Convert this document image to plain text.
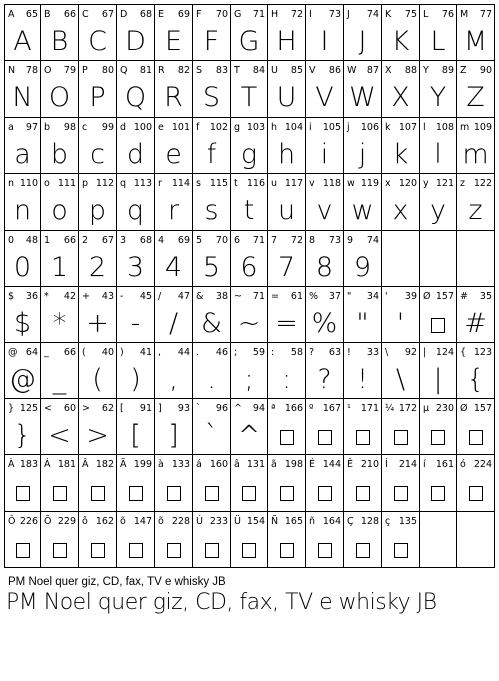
A 65
A
B 66
B
C 67
C
D 68
D
E 69
E
F 70
F
G 71
G
H 72
H
I 73
I
J 74
J
K 75
K
L 76
L
M 77
M
N 78
N
O 79
O
P 80
P
Q 81
Q
R 82
R
S 83
S
T 84
T
U 85
U
V 86
V
W 87
W
X 88
X
Y 89
Y
Z 90
Z
a 97
a
b 98
b
c 99
c
d 100
d
e 101
e
f 102
f
g 103
g
h 104
h
i 105
i
j 106
j
k 107
k
l 108
l
m 109
m
n 110
n
o 111
o
p 112
p
q 113
q
r 114
r
s 115
s
t 116
t
u 117
u
v 118
v
w 119
w
x 120
x
y 121
y
z 122
z
0 48
0
1 66
1
2 67
2
3 68
3
4 69
4
5 70
5
6 71
6
7 72
7
8 73
8
9 74
9
$ 36
$
* 42
*
+ 43
+
- 45
-
/ 47
/
& 38
&
~ 71
~
= 61
=
% 37
%
" 34
"
' 39
'
Ø 157 # 35
#
@ 64
@
_ 66
_
( 40
(
) 41
)
, 44
,
. 46
.
; 59
;
: 58
:
? 63
?
! 33
!
\ 92
\
| 124
|
{ 123
{
} 125
}
< 60
<
> 62
>
[ 91
[
] 93
]
` 96
`
^ 94
^
ª 166 º 167 ¹ 171 ¼ 172 µ 230 Ø 157
À 183 Á 181 Â 182 Ã 199 à 133 á 160 â 131 ã 198 É 144 Ê 210 Í 214 í 161 ó 224
Ô 226 Õ 229 ô 162 õ 147 õ 228 Ú 233 Ü 154 Ñ 165 ñ 164 Ç 128 ç 135
PM Noel quer giz, CD, fax, TV e whisky JB
PM Noel quer giz, CD, fax, TV e whisky JB
